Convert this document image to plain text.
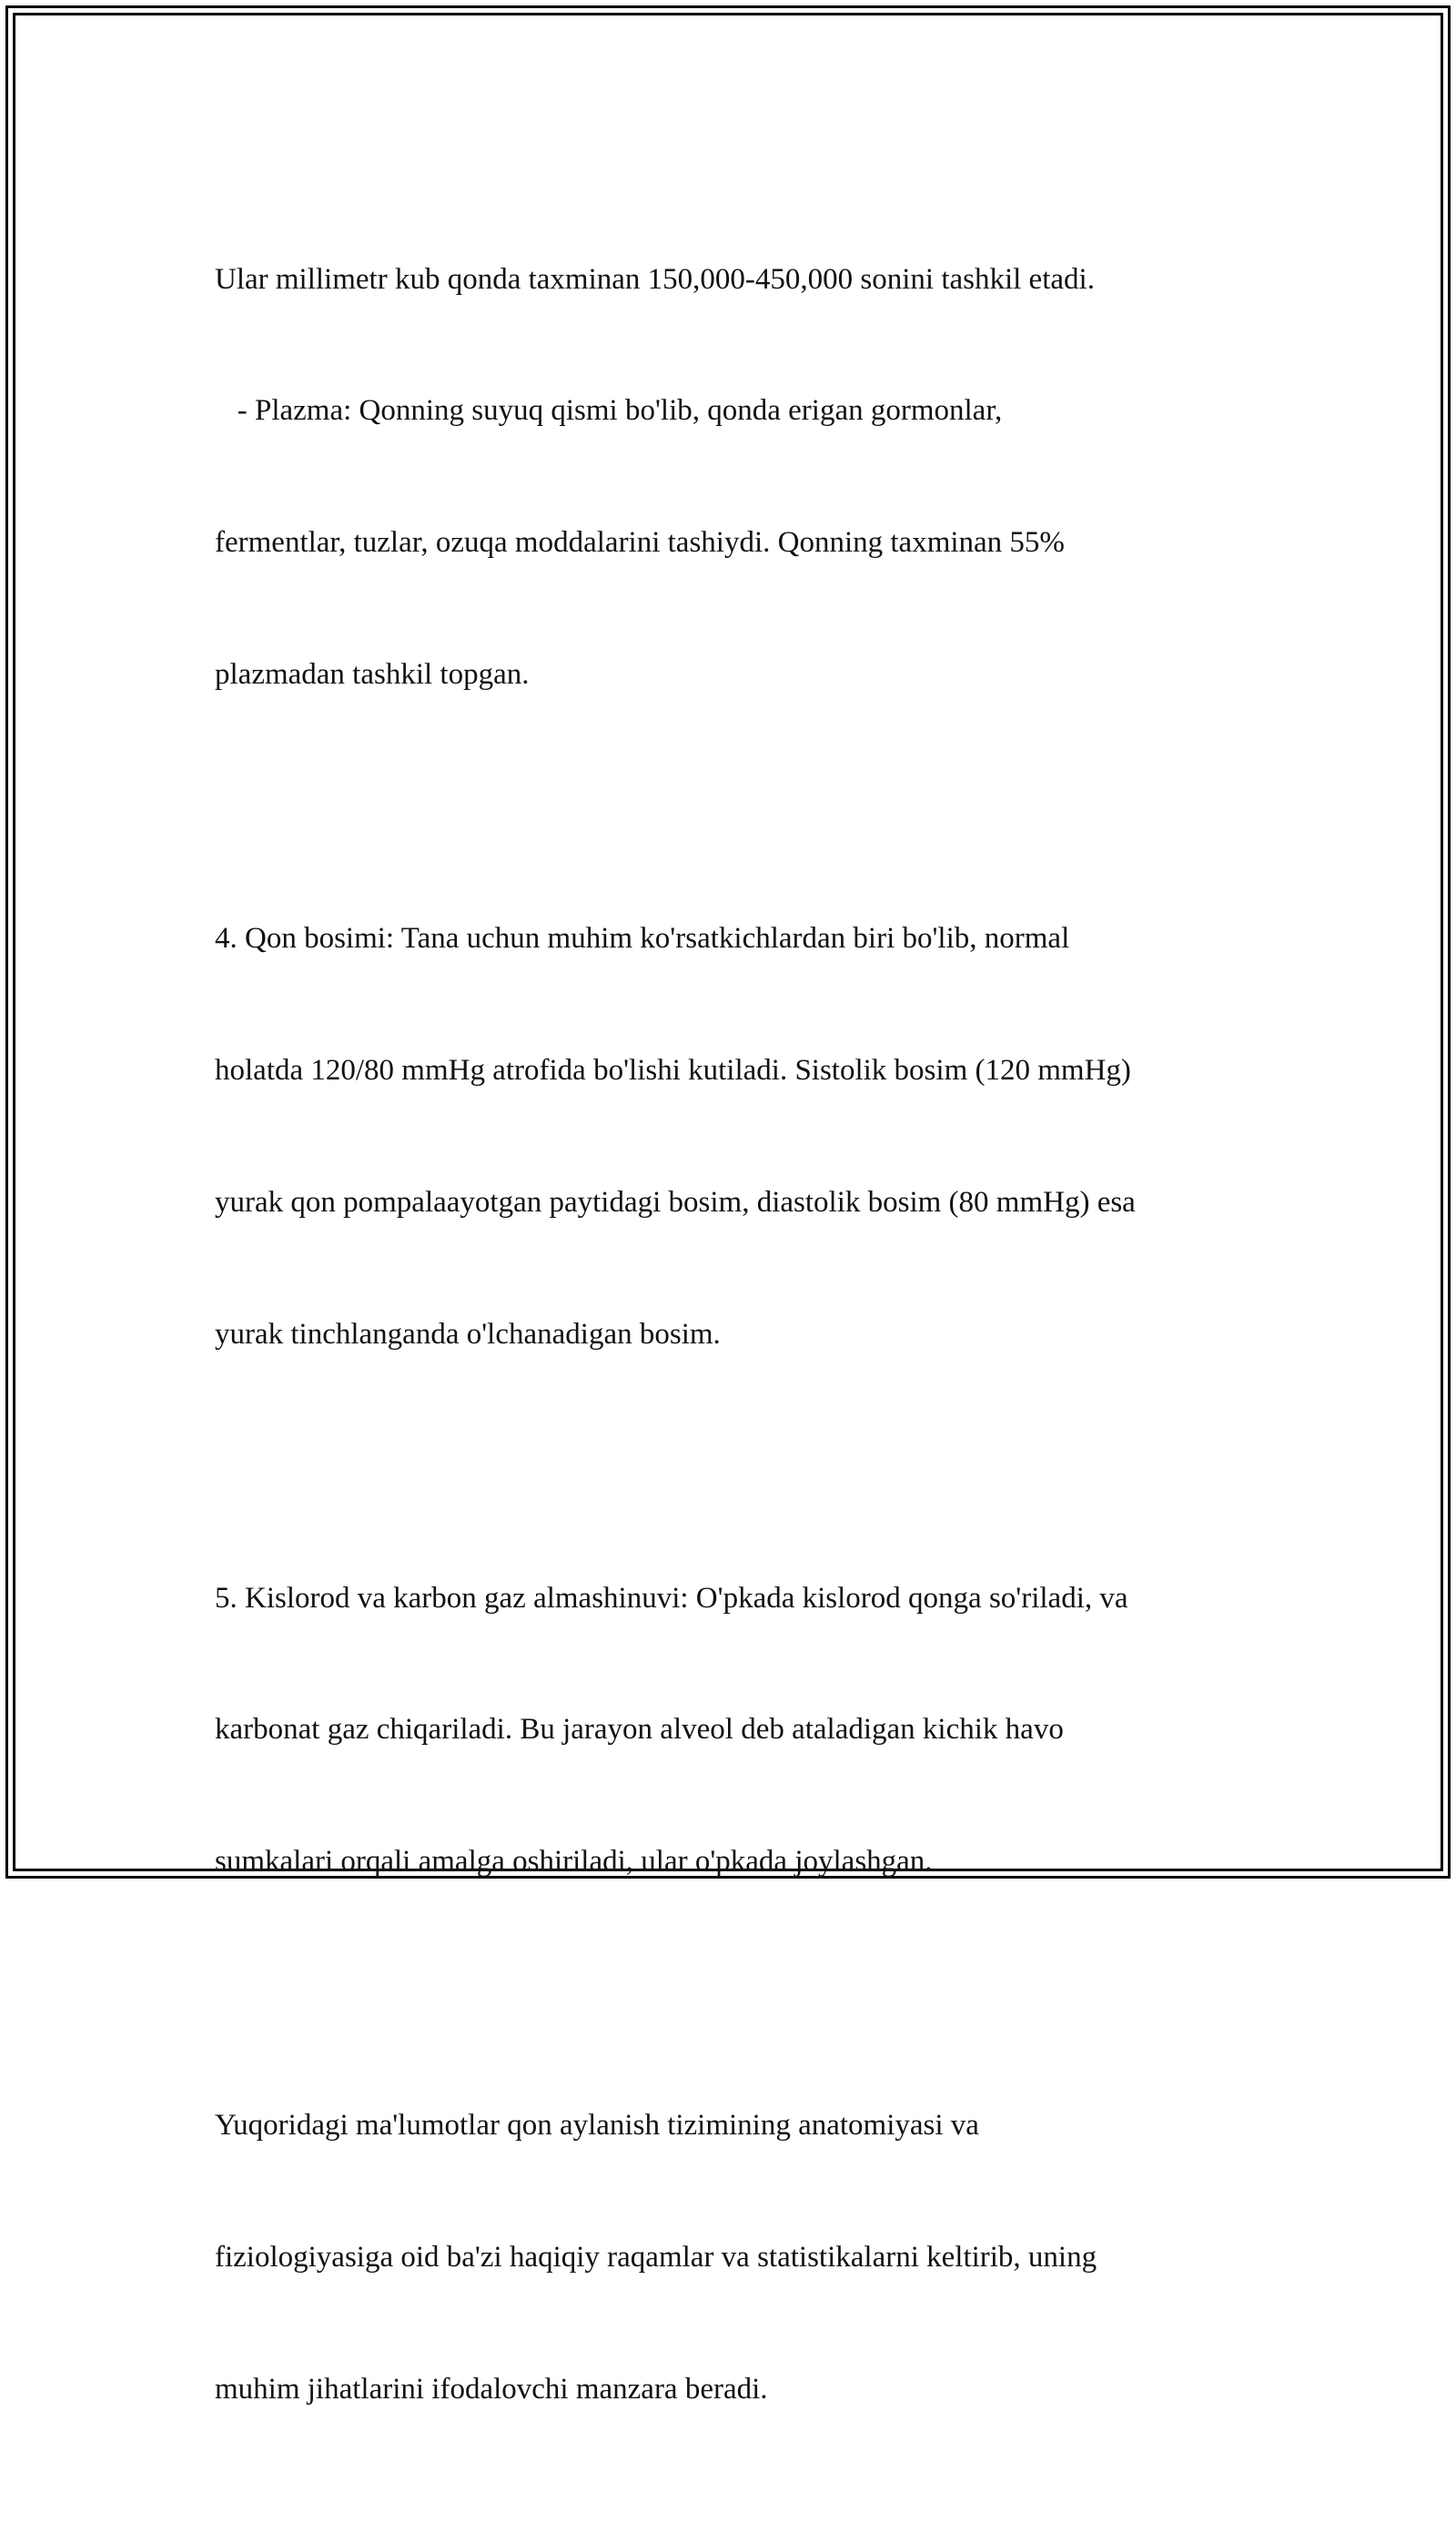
Ular millimetr kub qonda taxminan 150,000-450,000 sonini tashkil etadi.

- Plazma: Qonning suyuq qismi bo'lib, qonda erigan gormonlar,

fermentlar, tuzlar, ozuqa moddalarini tashiydi. Qonning taxminan 55%

plazmadan tashkil topgan.

4. Qon bosimi: Tana uchun muhim ko'rsatkichlardan biri bo'lib, normal

holatda 120/80 mmHg atrofida bo'lishi kutiladi. Sistolik bosim (120 mmHg)

yurak qon pompalaayotgan paytidagi bosim, diastolik bosim (80 mmHg) esa

yurak tinchlanganda o'lchanadigan bosim.

5. Kislorod va karbon gaz almashinuvi: O'pkada kislorod qonga so'riladi, va

karbonat gaz chiqariladi. Bu jarayon alveol deb ataladigan kichik havo

sumkalari orqali amalga oshiriladi, ular o'pkada joylashgan.

Yuqoridagi ma'lumotlar qon aylanish tizimining anatomiyasi va

fiziologiyasiga oid ba'zi haqiqiy raqamlar va statistikalarni keltirib, uning

muhim jihatlarini ifodalovchi manzara beradi.
